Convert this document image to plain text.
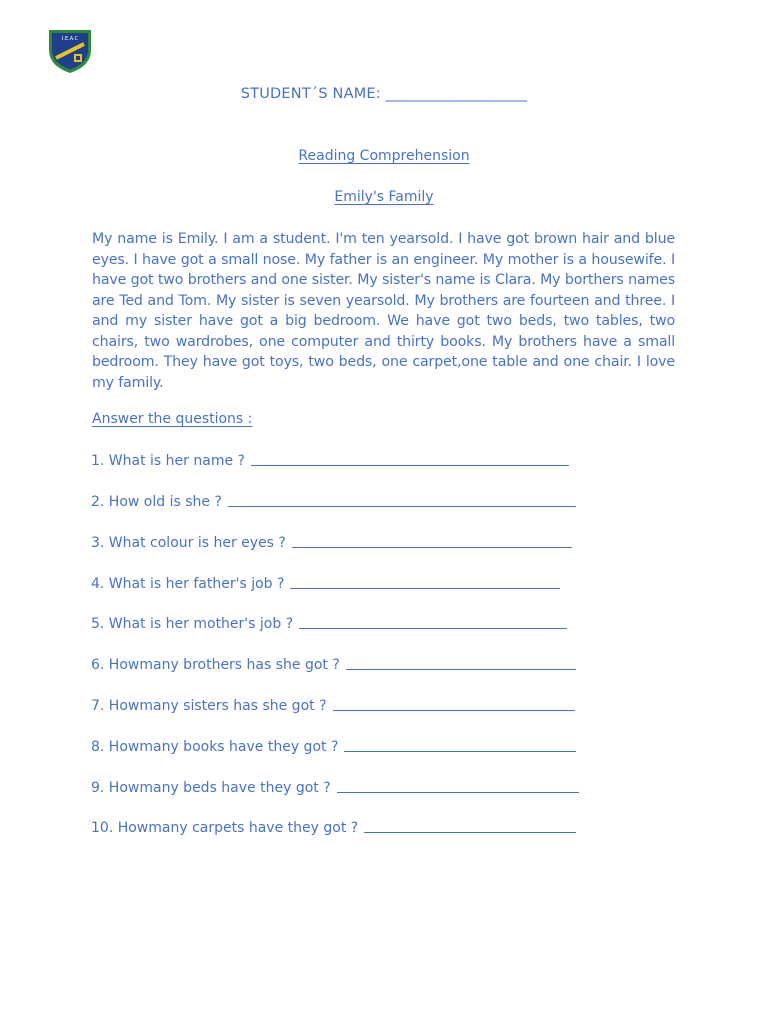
I.E.A.C
STUDENT´S NAME: ___________________
Reading Comprehension
Emily's Family

My name is Emily. I am a student. I'm ten yearsold. I have got brown hair and blue eyes. I have got a small nose. My father is an engineer. My mother is a housewife. I have got two brothers and one sister. My sister's name is Clara. My borthers names are Ted and Tom. My sister is seven yearsold. My brothers are fourteen and three. I and my sister have got a big bedroom. We have got two beds, two tables, two chairs, two wardrobes, one computer and thirty books. My brothers have a small bedroom. They have got toys, two beds, one carpet,one table and one chair. I love my family.

Answer the questions :
1. What is her name ?
2. How old is she ?
3. What colour is her eyes ?
4. What is her father's job ?
5. What is her mother's job ?
6. Howmany brothers has she got ?
7. Howmany sisters has she got ?
8. Howmany books have they got ?
9. Howmany beds have they got ?
10. Howmany carpets have they got ?
